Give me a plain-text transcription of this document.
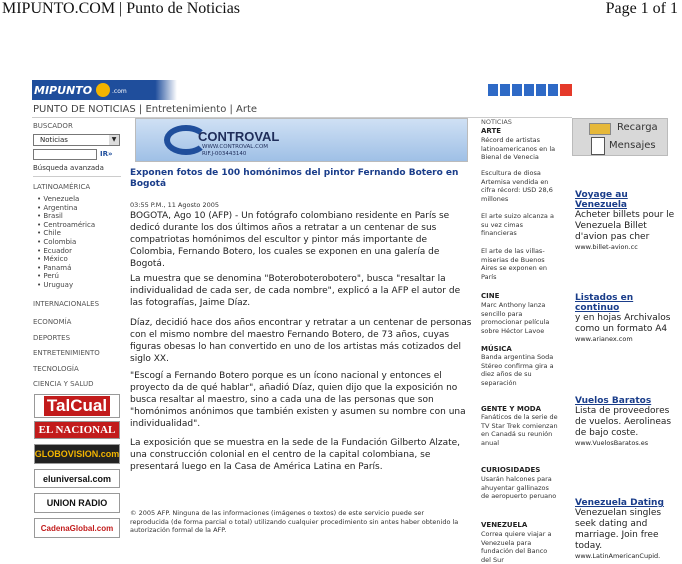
MIPUNTO.COM | Punto de Noticias	Page 1 of 1
MIPUNTO	.com
PUNTO DE NOTICIAS | Entretenimiento | Arte
BUSCADOR
Noticias	▼
IR»
Búsqueda avanzada
LATINOAMÉRICA
• Venezuela
• Argentina
• Brasil
• Centroamérica
• Chile
• Colombia
• Ecuador
• México
• Panamá
• Perú
• Uruguay
INTERNACIONALES
ECONOMÍA
DEPORTES
ENTRETENIMIENTO
TECNOLOGÍA
CIENCIA Y SALUD
TalCual
EL NACIONAL
GLOBOVISION.com
eluniversal.com
UNION RADIO
CadenaGlobal.com
CONTROVAL
WWW.CONTROVAL.COM
RIF.J-003443140
Exponen fotos de 100 homónimos del pintor Fernando Botero en Bogotá
03:55 P.M., 11 Agosto 2005
BOGOTA, Ago 10 (AFP) - Un fotógrafo colombiano residente en París se dedicó durante los dos últimos años a retratar a un centenar de sus compatriotas homónimos del escultor y pintor más importante de Colombia, Fernando Botero, los cuales se exponen en una galería de Bogotá.
La muestra que se denomina "Boteroboterobotero", busca "resaltar la individualidad de cada ser, de cada nombre", explicó a la AFP el autor de las fotografías, Jaime Díaz.
Díaz, decidió hace dos años encontrar y retratar a un centenar de personas con el mismo nombre del maestro Fernando Botero, de 73 años, cuyas figuras obesas lo han convertido en uno de los artistas más cotizados del siglo XX.
"Escogí a Fernando Botero porque es un ícono nacional y entonces el proyecto da de qué hablar", añadió Díaz, quien dijo que la exposición no busca resaltar al maestro, sino a cada una de las personas que son "homónimos anónimos que también existen y asumen su nombre con una individualidad".
La exposición que se muestra en la sede de la Fundación Gilberto Alzate, una construcción colonial en el centro de la capital colombiana, se presentará luego en la Casa de América Latina en París.
© 2005 AFP. Ninguna de las informaciones (imágenes o textos) de este servicio puede ser reproducida (de forma parcial o total) utilizando cualquier procedimiento sin antes haber obtenido la autorización formal de la AFP.
NOTICIAS
ARTE
Récord de artistas latinoamericanos en la Bienal de Venecia
Escultura de diosa Artemisa vendida en cifra récord: USD 28,6 millones
El arte suizo alcanza a su vez cimas financieras
El arte de las villas-miserias de Buenos Aires se exponen en París
CINE
Marc Anthony lanza sencillo para promocionar película sobre Héctor Lavoe
MÚSICA
Banda argentina Soda Stéreo confirma gira a diez años de su separación
GENTE Y MODA
Fanáticos de la serie de TV Star Trek comienzan en Canadá su reunión anual
CURIOSIDADES
Usarán halcones para ahuyentar gallinazos de aeropuerto peruano
VENEZUELA
Correa quiere viajar a Venezuela para fundación del Banco del Sur
Recarga
Mensajes
Voyage au Venezuela
Acheter billets pour le Venezuela Billet d'avion pas cher
www.billet-avion.cc
Listados en continuo
y en hojas Archivalos como un formato A4
www.arianex.com
Vuelos Baratos
Lista de proveedores de vuelos. Aerolineas de bajo coste.
www.VuelosBaratos.es
Venezuela Dating
Venezuelan singles seek dating and marriage. Join free today.
www.LatinAmericanCupid.
